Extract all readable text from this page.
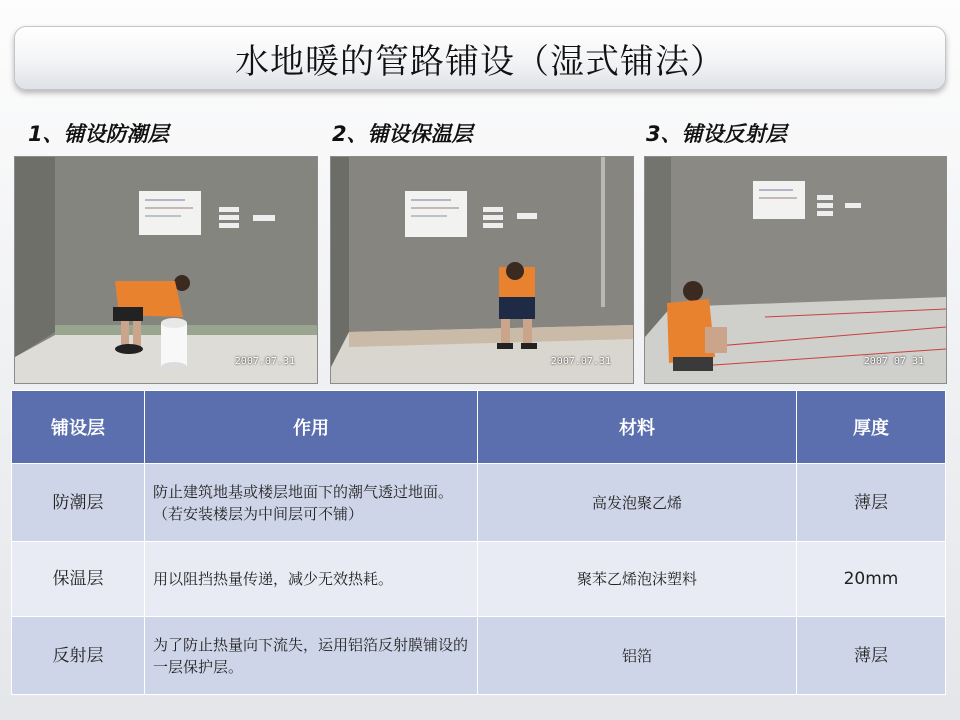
水地暖的管路铺设（湿式铺法）
1、铺设防潮层	2、铺设保温层	3、铺设反射层
2007.07.31	2007.07.31	2007 07 31
铺设层	作用	材料	厚度
防潮层	防止建筑地基或楼层地面下的潮气透过地面。（若安装楼层为中间层可不铺）	高发泡聚乙烯	薄层
保温层	用以阻挡热量传递，减少无效热耗。	聚苯乙烯泡沫塑料	20mm
反射层	为了防止热量向下流失，运用铝箔反射膜铺设的一层保护层。	铝箔	薄层
